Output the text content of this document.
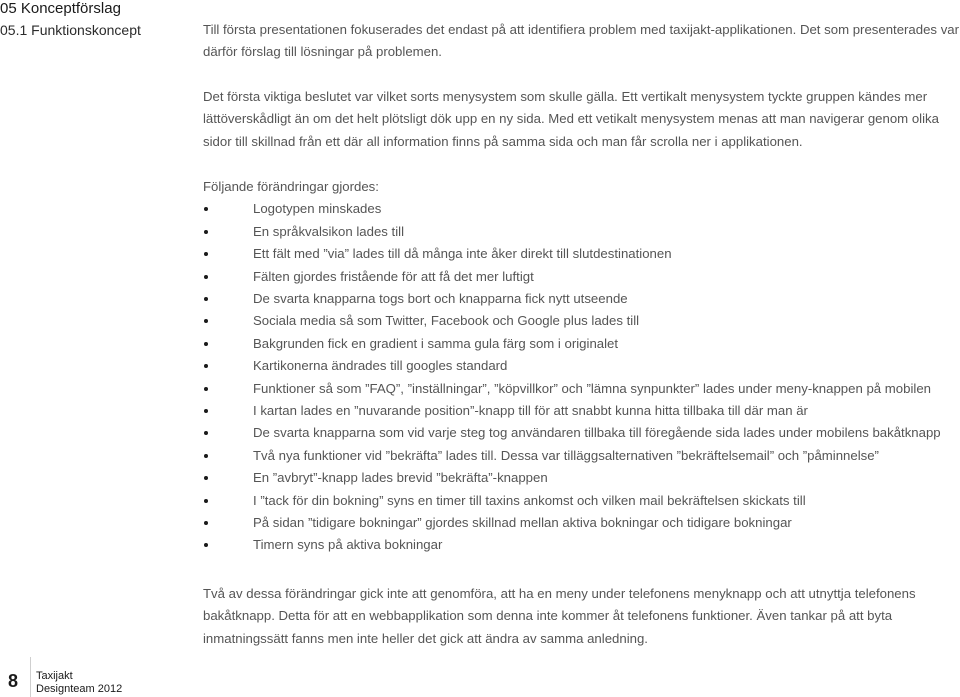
05 Konceptförslag
05.1 Funktionskoncept	Till första presentationen fokuserades det endast på att identifiera problem med taxijakt-applikationen. Det som presenterades var därför förslag till lösningar på problemen.

Det första viktiga beslutet var vilket sorts menysystem som skulle gälla. Ett vertikalt menysystem tyckte gruppen kändes mer lättöverskådligt än om det helt plötsligt dök upp en ny sida. Med ett vetikalt menysystem menas att man navigerar genom olika sidor till skillnad från ett där all information finns på samma sida och man får scrolla ner i applikationen.

Följande förändringar gjordes:

Logotypen minskades
En språkvalsikon lades till
Ett fält med ”via” lades till då många inte åker direkt till slutdestinationen
Fälten gjordes fristående för att få det mer luftigt
De svarta knapparna togs bort och knapparna fick nytt utseende
Sociala media så som Twitter, Facebook och Google plus lades till
Bakgrunden fick en gradient i samma gula färg som i originalet
Kartikonerna ändrades till googles standard
Funktioner så som ”FAQ”, ”inställningar”, ”köpvillkor” och ”lämna synpunkter” lades under meny-knappen på mobilen
I kartan lades en ”nuvarande position”-knapp till för att snabbt kunna hitta tillbaka till där man är
De svarta knapparna som vid varje steg tog användaren tillbaka till föregående sida lades under mobilens bakåtknapp
Två nya funktioner vid ”bekräfta” lades till. Dessa var tilläggsalternativen ”bekräftelsemail” och ”påminnelse”
En ”avbryt”-knapp lades brevid ”bekräfta”-knappen
I ”tack för din bokning” syns en timer till taxins ankomst och vilken mail bekräftelsen skickats till
På sidan ”tidigare bokningar” gjordes skillnad mellan aktiva bokningar och tidigare bokningar
Timern syns på aktiva bokningar

Två av dessa förändringar gick inte att genomföra, att ha en meny under telefonens menyknapp och att utnyttja telefonens bakåtknapp. Detta för att en webbapplikation som denna inte kommer åt telefonens funktioner. Även tankar på att byta inmatningssätt fanns men inte heller det gick att ändra av samma anledning.

8 Taxijakt
Designteam 2012
